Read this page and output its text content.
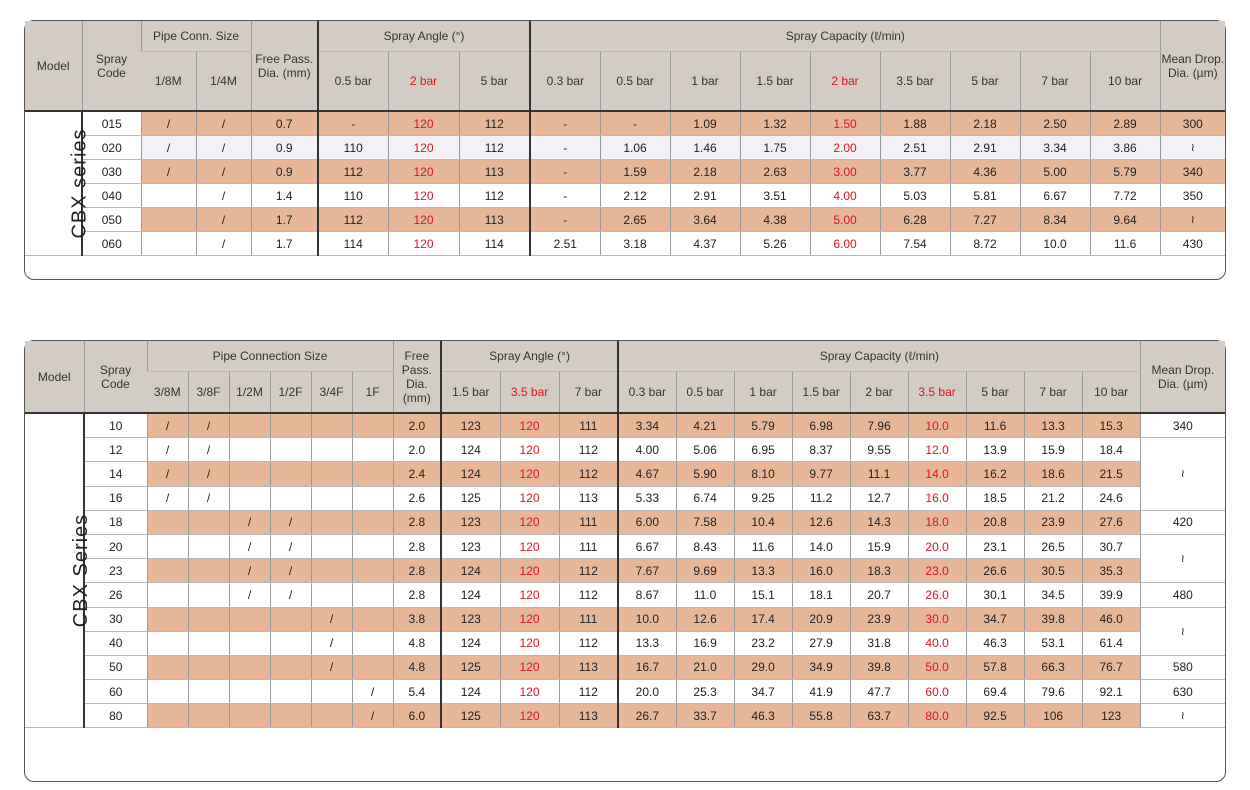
Model	Spray Code	Pipe Conn. Size		Free Pass. Dia. (mm)	Spray Angle (°)			Spray Capacity (ℓ/min)									Mean Drop. Dia. (µm)
		1/8M	1/4M		0.5 bar	2 bar	5 bar	0.3 bar	0.5 bar	1 bar	1.5 bar	2 bar	3.5 bar	5 bar	7 bar	10 bar	
CBX series	015	/	/	0.7	-	120	112	-	-	1.09	1.32	1.50	1.88	2.18	2.50	2.89	300
	020	/	/	0.9	110	120	112	-	1.06	1.46	1.75	2.00	2.51	2.91	3.34	3.86	≀
	030	/	/	0.9	112	120	113	-	1.59	2.18	2.63	3.00	3.77	4.36	5.00	5.79	340
	040		/	1.4	110	120	112	-	2.12	2.91	3.51	4.00	5.03	5.81	6.67	7.72	350
	050		/	1.7	112	120	113	-	2.65	3.64	4.38	5.00	6.28	7.27	8.34	9.64	≀
	060		/	1.7	114	120	114	2.51	3.18	4.37	5.26	6.00	7.54	8.72	10.0	11.6	430
Model	Spray Code	Pipe Connection Size						Free Pass. Dia. (mm)	Spray Angle (°)			Spray Capacity (ℓ/min)									Mean Drop. Dia. (µm)
		3/8M	3/8F	1/2M	1/2F	3/4F	1F		1.5 bar	3.5 bar	7 bar	0.3 bar	0.5 bar	1 bar	1.5 bar	2 bar	3.5 bar	5 bar	7 bar	10 bar	
CBX Series	10	/	/					2.0	123	120	111	3.34	4.21	5.79	6.98	7.96	10.0	11.6	13.3	15.3	340
	12	/	/					2.0	124	120	112	4.00	5.06	6.95	8.37	9.55	12.0	13.9	15.9	18.4	≀
	14	/	/					2.4	124	120	112	4.67	5.90	8.10	9.77	11.1	14.0	16.2	18.6	21.5	
	16	/	/					2.6	125	120	113	5.33	6.74	9.25	11.2	12.7	16.0	18.5	21.2	24.6	
	18			/	/			2.8	123	120	111	6.00	7.58	10.4	12.6	14.3	18.0	20.8	23.9	27.6	420
	20			/	/			2.8	123	120	111	6.67	8.43	11.6	14.0	15.9	20.0	23.1	26.5	30.7	≀
	23			/	/			2.8	124	120	112	7.67	9.69	13.3	16.0	18.3	23.0	26.6	30.5	35.3	
	26			/	/			2.8	124	120	112	8.67	11.0	15.1	18.1	20.7	26.0	30.1	34.5	39.9	480
	30					/		3.8	123	120	111	10.0	12.6	17.4	20.9	23.9	30.0	34.7	39.8	46.0	≀
	40					/		4.8	124	120	112	13.3	16.9	23.2	27.9	31.8	40.0	46.3	53.1	61.4	
	50					/		4.8	125	120	113	16.7	21.0	29.0	34.9	39.8	50.0	57.8	66.3	76.7	580
	60						/	5.4	124	120	112	20.0	25.3	34.7	41.9	47.7	60.0	69.4	79.6	92.1	630
	80						/	6.0	125	120	113	26.7	33.7	46.3	55.8	63.7	80.0	92.5	106	123	≀
